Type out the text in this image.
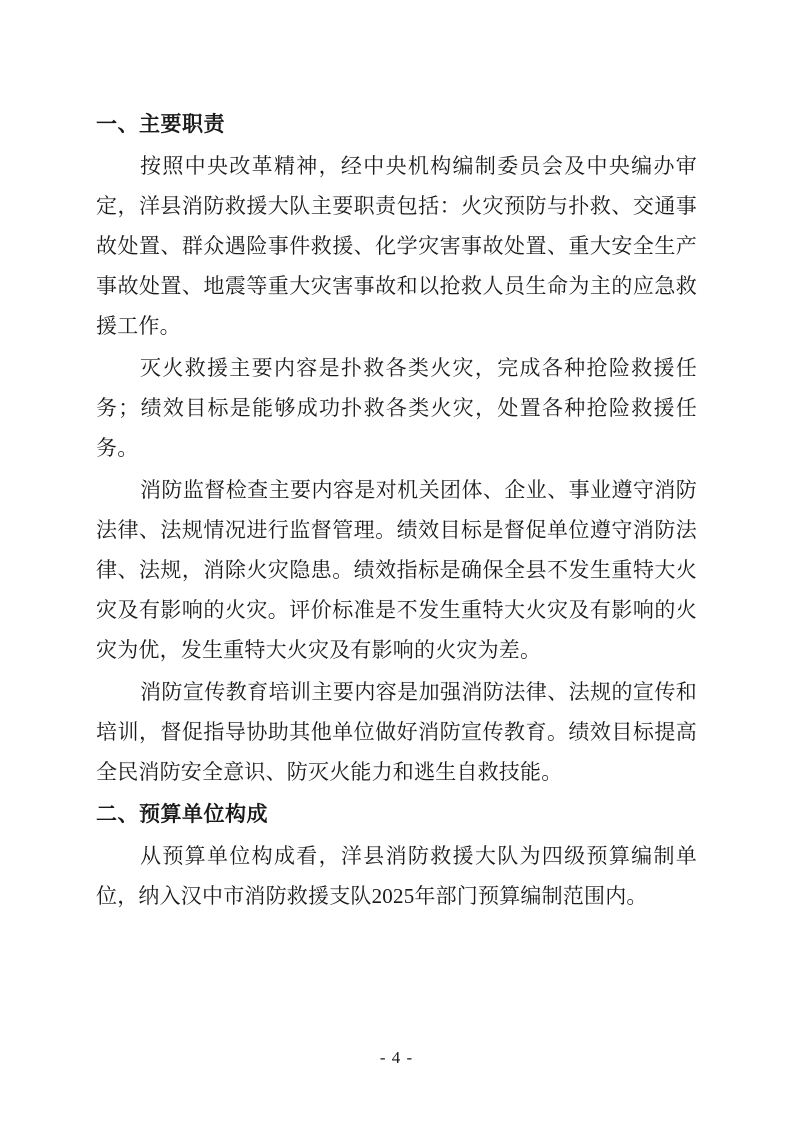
一、主要职责

按照中央改革精神，经中央机构编制委员会及中央编办审定，洋县消防救援大队主要职责包括：火灾预防与扑救、交通事故处置、群众遇险事件救援、化学灾害事故处置、重大安全生产事故处置、地震等重大灾害事故和以抢救人员生命为主的应急救援工作。

灭火救援主要内容是扑救各类火灾，完成各种抢险救援任务；绩效目标是能够成功扑救各类火灾，处置各种抢险救援任务。

消防监督检查主要内容是对机关团体、企业、事业遵守消防法律、法规情况进行监督管理。绩效目标是督促单位遵守消防法律、法规，消除火灾隐患。绩效指标是确保全县不发生重特大火灾及有影响的火灾。评价标准是不发生重特大火灾及有影响的火灾为优，发生重特大火灾及有影响的火灾为差。

消防宣传教育培训主要内容是加强消防法律、法规的宣传和培训，督促指导协助其他单位做好消防宣传教育。绩效目标提高全民消防安全意识、防灭火能力和逃生自救技能。

二、预算单位构成

从预算单位构成看，洋县消防救援大队为四级预算编制单位，纳入汉中市消防救援支队2025年部门预算编制范围内。

- 4 -
